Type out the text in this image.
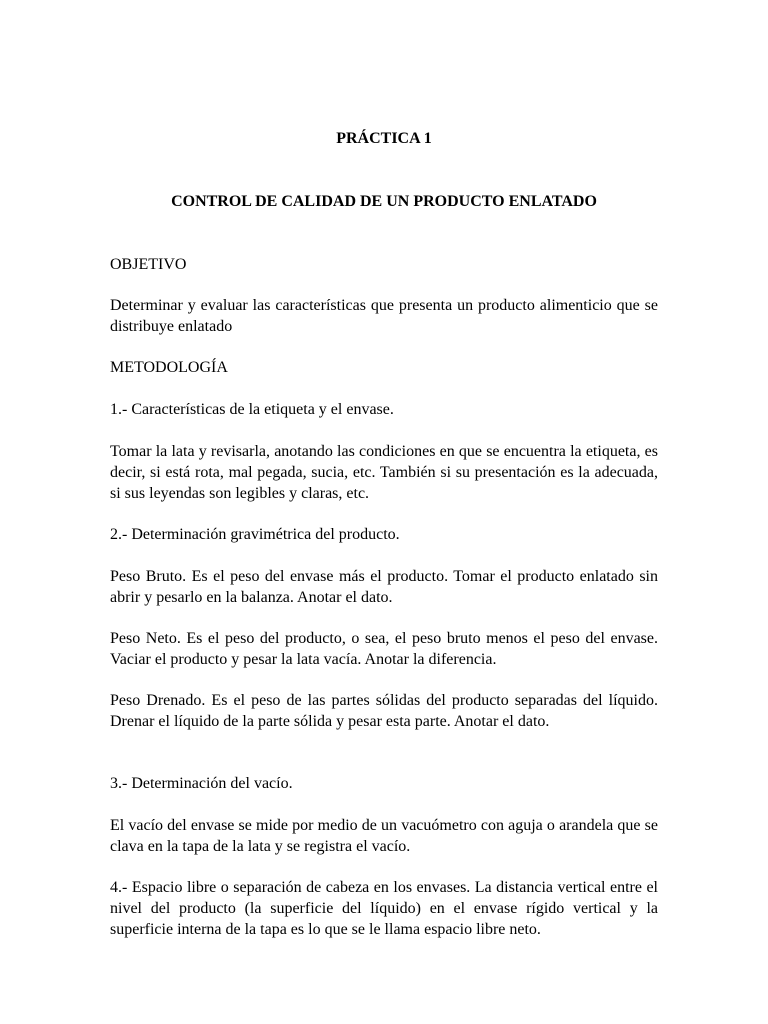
PRÁCTICA 1
CONTROL DE CALIDAD DE UN PRODUCTO ENLATADO
OBJETIVO
Determinar y evaluar las características que presenta un producto alimenticio que se distribuye enlatado
METODOLOGÍA
1.- Características de la etiqueta y el envase.
Tomar la lata y revisarla, anotando las condiciones en que se encuentra la etiqueta, es decir, si está rota, mal pegada, sucia, etc. También si su presentación es la adecuada, si sus leyendas son legibles y claras, etc.
2.- Determinación gravimétrica del producto.
Peso Bruto. Es el peso del envase más el producto. Tomar el producto enlatado sin abrir y pesarlo en la balanza. Anotar el dato.
Peso Neto. Es el peso del producto, o sea, el peso bruto menos el peso del envase. Vaciar el producto y pesar la lata vacía. Anotar la diferencia.
Peso Drenado. Es el peso de las partes sólidas del producto separadas del líquido. Drenar el líquido de la parte sólida y pesar esta parte. Anotar el dato.
3.- Determinación del vacío.
El vacío del envase se mide por medio de un vacuómetro con aguja o arandela que se clava en la tapa de la lata y se registra el vacío.
4.- Espacio libre o separación de cabeza en los envases. La distancia vertical entre el nivel del producto (la superficie del líquido) en el envase rígido vertical y la superficie interna de la tapa es lo que se le llama espacio libre neto.
